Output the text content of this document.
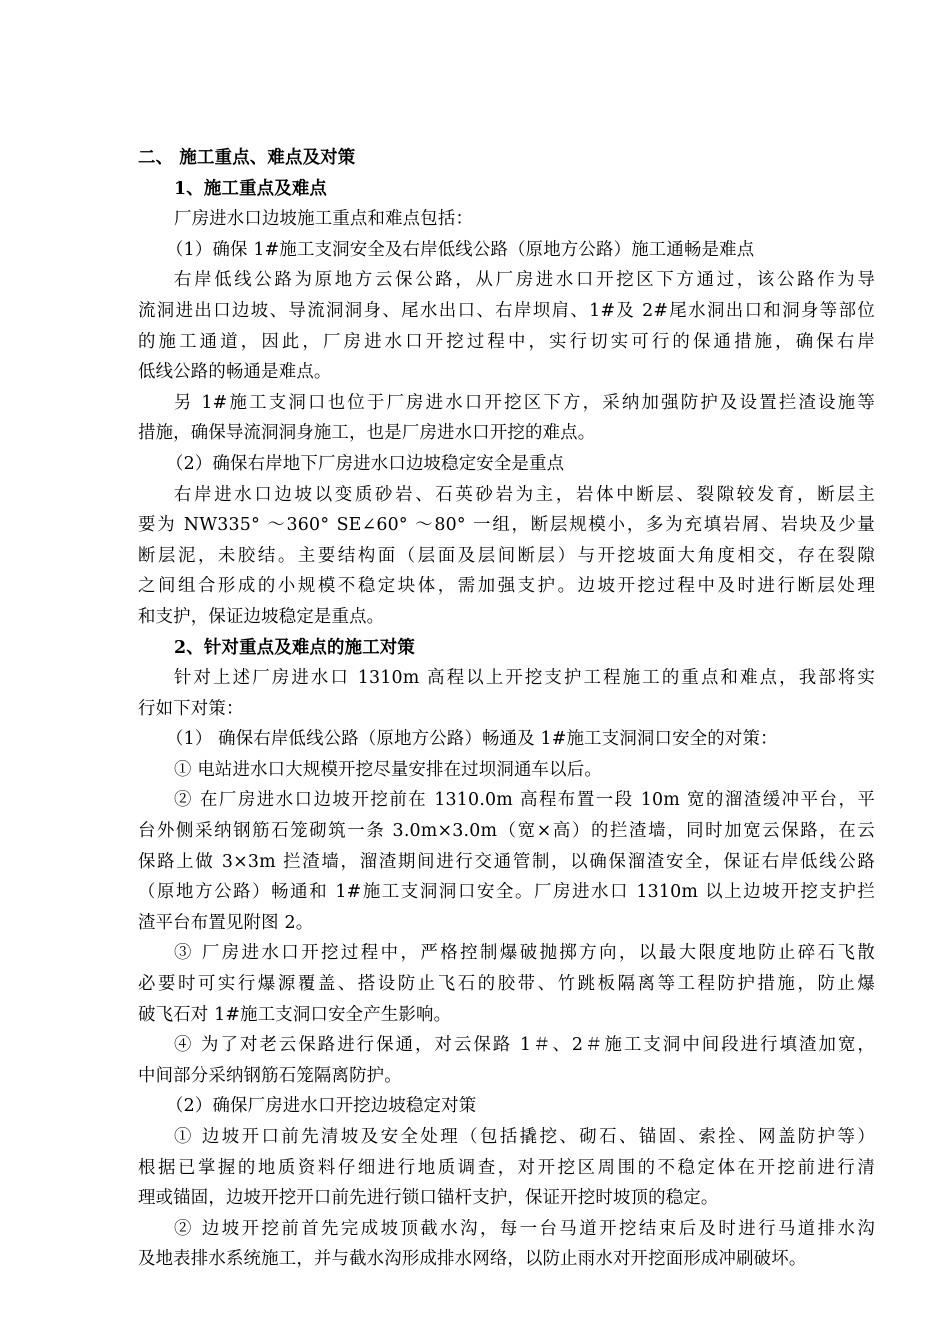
二、 施工重点、难点及对策
1、施工重点及难点
厂房进水口边坡施工重点和难点包括：
（1）确保 1#施工支洞安全及右岸低线公路（原地方公路）施工通畅是难点
右岸低线公路为原地方云保公路，从厂房进水口开挖区下方通过，该公路作为导
流洞进出口边坡、导流洞洞身、尾水出口、右岸坝肩、1#及 2#尾水洞出口和洞身等部位
的施工通道，因此，厂房进水口开挖过程中，实行切实可行的保通措施，确保右岸
低线公路的畅通是难点。
另 1#施工支洞口也位于厂房进水口开挖区下方，采纳加强防护及设置拦渣设施等
措施，确保导流洞洞身施工，也是厂房进水口开挖的难点。
（2）确保右岸地下厂房进水口边坡稳定安全是重点
右岸进水口边坡以变质砂岩、石英砂岩为主，岩体中断层、裂隙较发育，断层主
要为 NW335° ～360° SE∠60° ～80° 一组，断层规模小，多为充填岩屑、岩块及少量
断层泥，未胶结。主要结构面（层面及层间断层）与开挖坡面大角度相交，存在裂隙
之间组合形成的小规模不稳定块体，需加强支护。边坡开挖过程中及时进行断层处理
和支护，保证边坡稳定是重点。
2、针对重点及难点的施工对策
针对上述厂房进水口 1310m 高程以上开挖支护工程施工的重点和难点，我部将实
行如下对策：
（1） 确保右岸低线公路（原地方公路）畅通及 1#施工支洞洞口安全的对策：
① 电站进水口大规模开挖尽量安排在过坝洞通车以后。
② 在厂房进水口边坡开挖前在 1310.0m 高程布置一段 10m 宽的溜渣缓冲平台，平
台外侧采纳钢筋石笼砌筑一条 3.0m×3.0m（宽×高）的拦渣墙，同时加宽云保路，在云
保路上做 3×3m 拦渣墙，溜渣期间进行交通管制，以确保溜渣安全，保证右岸低线公路
（原地方公路）畅通和 1#施工支洞洞口安全。厂房进水口 1310m 以上边坡开挖支护拦
渣平台布置见附图 2。
③ 厂房进水口开挖过程中，严格控制爆破抛掷方向，以最大限度地防止碎石飞散
必要时可实行爆源覆盖、搭设防止飞石的胶带、竹跳板隔离等工程防护措施，防止爆
破飞石对 1#施工支洞口安全产生影响。
④ 为了对老云保路进行保通，对云保路 1＃、2＃施工支洞中间段进行填渣加宽，
中间部分采纳钢筋石笼隔离防护。
（2）确保厂房进水口开挖边坡稳定对策
① 边坡开口前先清坡及安全处理（包括撬挖、砌石、锚固、索拴、网盖防护等）
根据已掌握的地质资料仔细进行地质调查，对开挖区周围的不稳定体在开挖前进行清
理或锚固，边坡开挖开口前先进行锁口锚杆支护，保证开挖时坡顶的稳定。
② 边坡开挖前首先完成坡顶截水沟，每一台马道开挖结束后及时进行马道排水沟
及地表排水系统施工，并与截水沟形成排水网络，以防止雨水对开挖面形成冲刷破坏。
